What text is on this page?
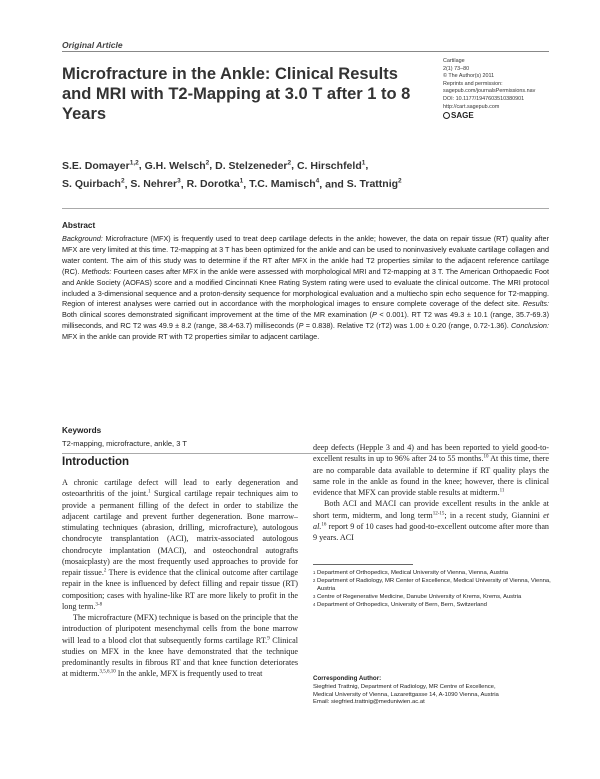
Original Article
Microfracture in the Ankle: Clinical Results and MRI with T2-Mapping at 3.0 T after 1 to 8 Years
Cartilage
2(1) 73–80
© The Author(s) 2011
Reprints and permission:
sagepub.com/journalsPermissions.nav
DOI: 10.1177/1947603510380901
http://cart.sagepub.com
SAGE
S.E. Domayer$^{1,2}$, G.H. Welsch$^2$, D. Stelzeneder$^2$, C. Hirschfeld$^1$,
S. Quirbach$^2$, S. Nehrer$^3$, R. Dorotka$^1$, T.C. Mamisch$^4$, and S. Trattnig$^2$
Abstract

Background: Microfracture (MFX) is frequently used to treat deep cartilage defects in the ankle; however, the data on repair tissue (RT) quality after MFX are very limited at this time. T2-mapping at 3 T has been optimized for the ankle and can be used to noninvasively evaluate cartilage collagen and water content. The aim of this study was to determine if the RT after MFX in the ankle had T2 properties similar to the adjacent reference cartilage (RC). Methods: Fourteen cases after MFX in the ankle were assessed with morphological MRI and T2-mapping at 3 T. The American Orthopaedic Foot and Ankle Society (AOFAS) score and a modified Cincinnati Knee Rating System rating were used to evaluate the clinical outcome. The MRI protocol included a 3-dimensional sequence and a proton-density sequence for morphological evaluation and a multiecho spin echo sequence for T2-mapping. Region of interest analyses were carried out in accordance with the morphological images to ensure complete coverage of the defect site. Results: Both clinical scores demonstrated significant improvement at the time of the MR examination (P < 0.001). RT T2 was 49.3 ± 10.1 (range, 35.7-69.3) milliseconds, and RC T2 was 49.9 ± 8.2 (range, 38.4-63.7) milliseconds (P = 0.838). Relative T2 (rT2) was 1.00 ± 0.20 (range, 0.72-1.36). Conclusion: MFX in the ankle can provide RT with T2 properties similar to adjacent cartilage.

Keywords
T2-mapping, microfracture, ankle, 3 T
Introduction

A chronic cartilage defect will lead to early degeneration and osteoarthritis of the joint.$^1$ Surgical cartilage repair techniques aim to provide a permanent filling of the defect in order to stabilize the adjacent cartilage and prevent further degeneration. Bone marrow–stimulating techniques (abrasion, drilling, microfracture), autologous chondrocyte transplantation (ACI), matrix-associated autologous chondrocyte implantation (MACI), and osteochondral autografts (mosaicplasty) are the most frequently used approaches to provide for repair tissue.$^2$ There is evidence that the clinical outcome after cartilage repair in the knee is influenced by defect filling and repair tissue (RT) composition; cases with hyaline-like RT are more likely to profit in the long term.$^{3-8}$

The microfracture (MFX) technique is based on the principle that the introduction of pluripotent mesenchymal cells from the bone marrow will lead to a blood clot that subsequently forms cartilage RT.$^9$ Clinical studies on MFX in the knee have demonstrated that the technique predominantly results in fibrous RT and that knee function deteriorates at midterm.$^{3,5,6,10}$ In the ankle, MFX is frequently used to treat

deep defects (Hepple 3 and 4) and has been reported to yield good-to-excellent results in up to 96% after 24 to 55 months.$^{10}$ At this time, there are no comparable data available to determine if RT quality plays the same role in the ankle as found in the knee; however, there is clinical evidence that MFX can provide stable results at midterm.$^{11}$

Both ACI and MACI can provide excellent results in the ankle at short term, midterm, and long term$^{12-15}$; in a recent study, Giannini et al.$^{16}$ report 9 of 10 cases had good-to-excellent outcome after more than 9 years. ACI

1 Department of Orthopedics, Medical University of Vienna, Vienna, Austria
2 Department of Radiology, MR Center of Excellence, Medical University of Vienna, Vienna, Austria
3 Centre of Regenerative Medicine, Danube University of Krems, Krems, Austria
4 Department of Orthopedics, University of Bern, Bern, Switzerland
Corresponding Author:
Siegfried Trattnig, Department of Radiology, MR Centre of Excellence,
Medical University of Vienna, Lazarettgasse 14, A-1090 Vienna, Austria
Email: siegfried.trattnig@meduniwien.ac.at
